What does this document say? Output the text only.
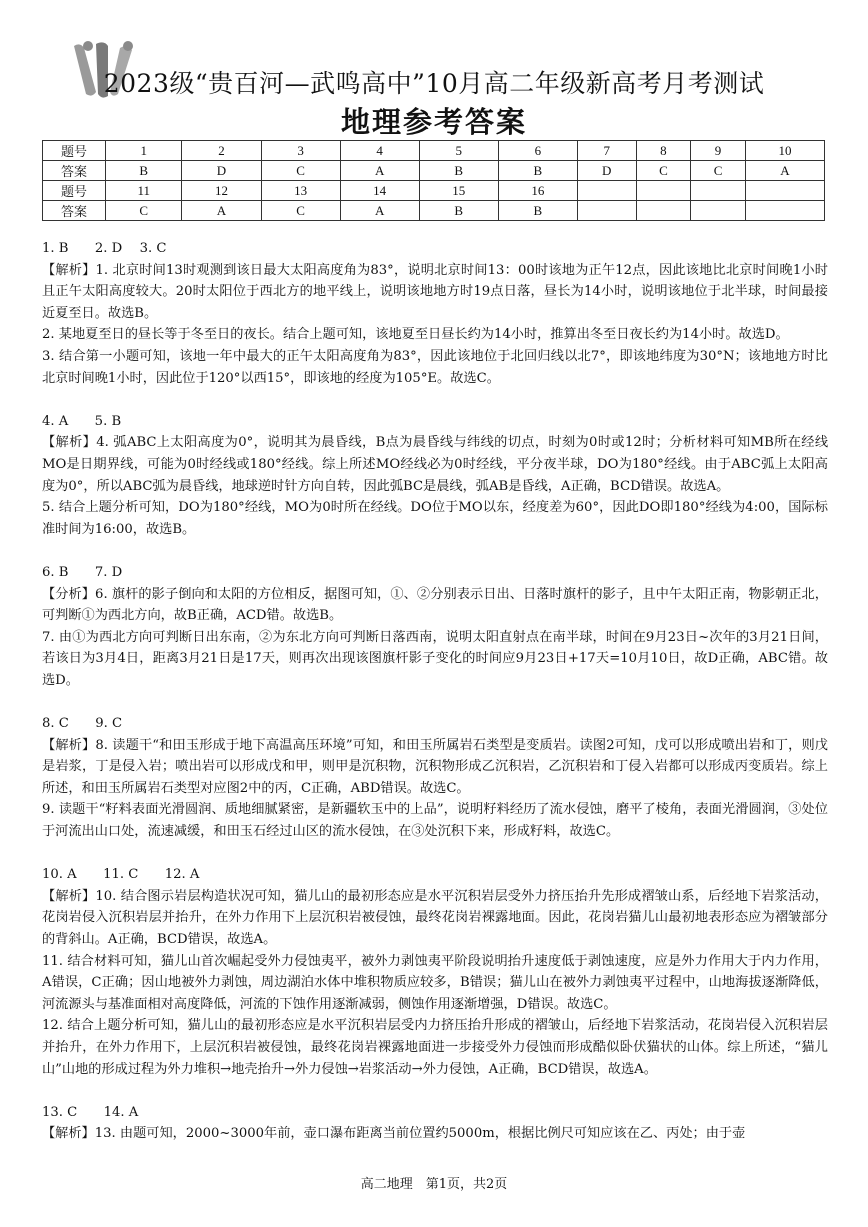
2023级“贵百河—武鸣高中”10月高二年级新高考月考测试
地理参考答案
题号	1	2	3	4	5	6	7	8	9	10
答案	B	D	C	A	B	B	D	C	C	A
题号	11	12	13	14	15	16				
答案	C	A	C	A	B	B				

1. B　　2. D　 3. C

【解析】1. 北京时间13时观测到该日最大太阳高度角为83°，说明北京时间13：00时该地为正午12点，因此该地比北京时间晚1小时且正午太阳高度较大。20时太阳位于西北方的地平线上，说明该地地方时19点日落，昼长为14小时，说明该地位于北半球，时间最接近夏至日。故选B。

2. 某地夏至日的昼长等于冬至日的夜长。结合上题可知，该地夏至日昼长约为14小时，推算出冬至日夜长约为14小时。故选D。

3. 结合第一小题可知，该地一年中最大的正午太阳高度角为83°，因此该地位于北回归线以北7°，即该地纬度为30°N；该地地方时比北京时间晚1小时，因此位于120°以西15°，即该地的经度为105°E。故选C。

4. A　　5. B

【解析】4. 弧ABC上太阳高度为0°，说明其为晨昏线，B点为晨昏线与纬线的切点，时刻为0时或12时；分析材料可知MB所在经线MO是日期界线，可能为0时经线或180°经线。综上所述MO经线必为0时经线，平分夜半球，DO为180°经线。由于ABC弧上太阳高度为0°，所以ABC弧为晨昏线，地球逆时针方向自转，因此弧BC是晨线，弧AB是昏线，A正确，BCD错误。故选A。

5. 结合上题分析可知，DO为180°经线，MO为0时所在经线。DO位于MO以东，经度差为60°，因此DO即180°经线为4:00，国际标准时间为16:00，故选B。

6. B　　7. D

【分析】6. 旗杆的影子倒向和太阳的方位相反，据图可知，①、②分别表示日出、日落时旗杆的影子，且中午太阳正南，物影朝正北，可判断①为西北方向，故B正确，ACD错。故选B。

7. 由①为西北方向可判断日出东南，②为东北方向可判断日落西南，说明太阳直射点在南半球，时间在9月23日~次年的3月21日间，若该日为3月4日，距离3月21日是17天，则再次出现该图旗杆影子变化的时间应9月23日+17天=10月10日，故D正确，ABC错。故选D。

8. C　　9. C

【解析】8. 读题干“和田玉形成于地下高温高压环境”可知，和田玉所属岩石类型是变质岩。读图2可知，戊可以形成喷出岩和丁，则戊是岩浆，丁是侵入岩；喷出岩可以形成戊和甲，则甲是沉积物，沉积物形成乙沉积岩，乙沉积岩和丁侵入岩都可以形成丙变质岩。综上所述，和田玉所属岩石类型对应图2中的丙，C正确，ABD错误。故选C。

9. 读题干“籽料表面光滑圆润、质地细腻紧密，是新疆软玉中的上品”，说明籽料经历了流水侵蚀，磨平了棱角，表面光滑圆润，③处位于河流出山口处，流速减缓，和田玉石经过山区的流水侵蚀，在③处沉积下来，形成籽料，故选C。

10. A　　11. C　　12. A

【解析】10. 结合图示岩层构造状况可知，猫儿山的最初形态应是水平沉积岩层受外力挤压抬升先形成褶皱山系，后经地下岩浆活动，花岗岩侵入沉积岩层并抬升，在外力作用下上层沉积岩被侵蚀，最终花岗岩裸露地面。因此，花岗岩猫儿山最初地表形态应为褶皱部分的背斜山。A正确，BCD错误，故选A。

11. 结合材料可知，猫儿山首次崛起受外力侵蚀夷平，被外力剥蚀夷平阶段说明抬升速度低于剥蚀速度，应是外力作用大于内力作用，A错误，C正确；因山地被外力剥蚀，周边湖泊水体中堆积物质应较多，B错误；猫儿山在被外力剥蚀夷平过程中，山地海拔逐渐降低，河流源头与基准面相对高度降低，河流的下蚀作用逐渐减弱，侧蚀作用逐渐增强，D错误。故选C。

12. 结合上题分析可知，猫儿山的最初形态应是水平沉积岩层受内力挤压抬升形成的褶皱山，后经地下岩浆活动，花岗岩侵入沉积岩层并抬升，在外力作用下，上层沉积岩被侵蚀，最终花岗岩裸露地面进一步接受外力侵蚀而形成酷似卧伏猫状的山体。综上所述，“猫儿山”山地的形成过程为外力堆积→地壳抬升→外力侵蚀→岩浆活动→外力侵蚀，A正确，BCD错误，故选A。

13. C　　14. A

【解析】13. 由题可知，2000~3000年前，壶口瀑布距离当前位置约5000m，根据比例尺可知应该在乙、丙处；由于壶

高二地理　第1页，共2页
